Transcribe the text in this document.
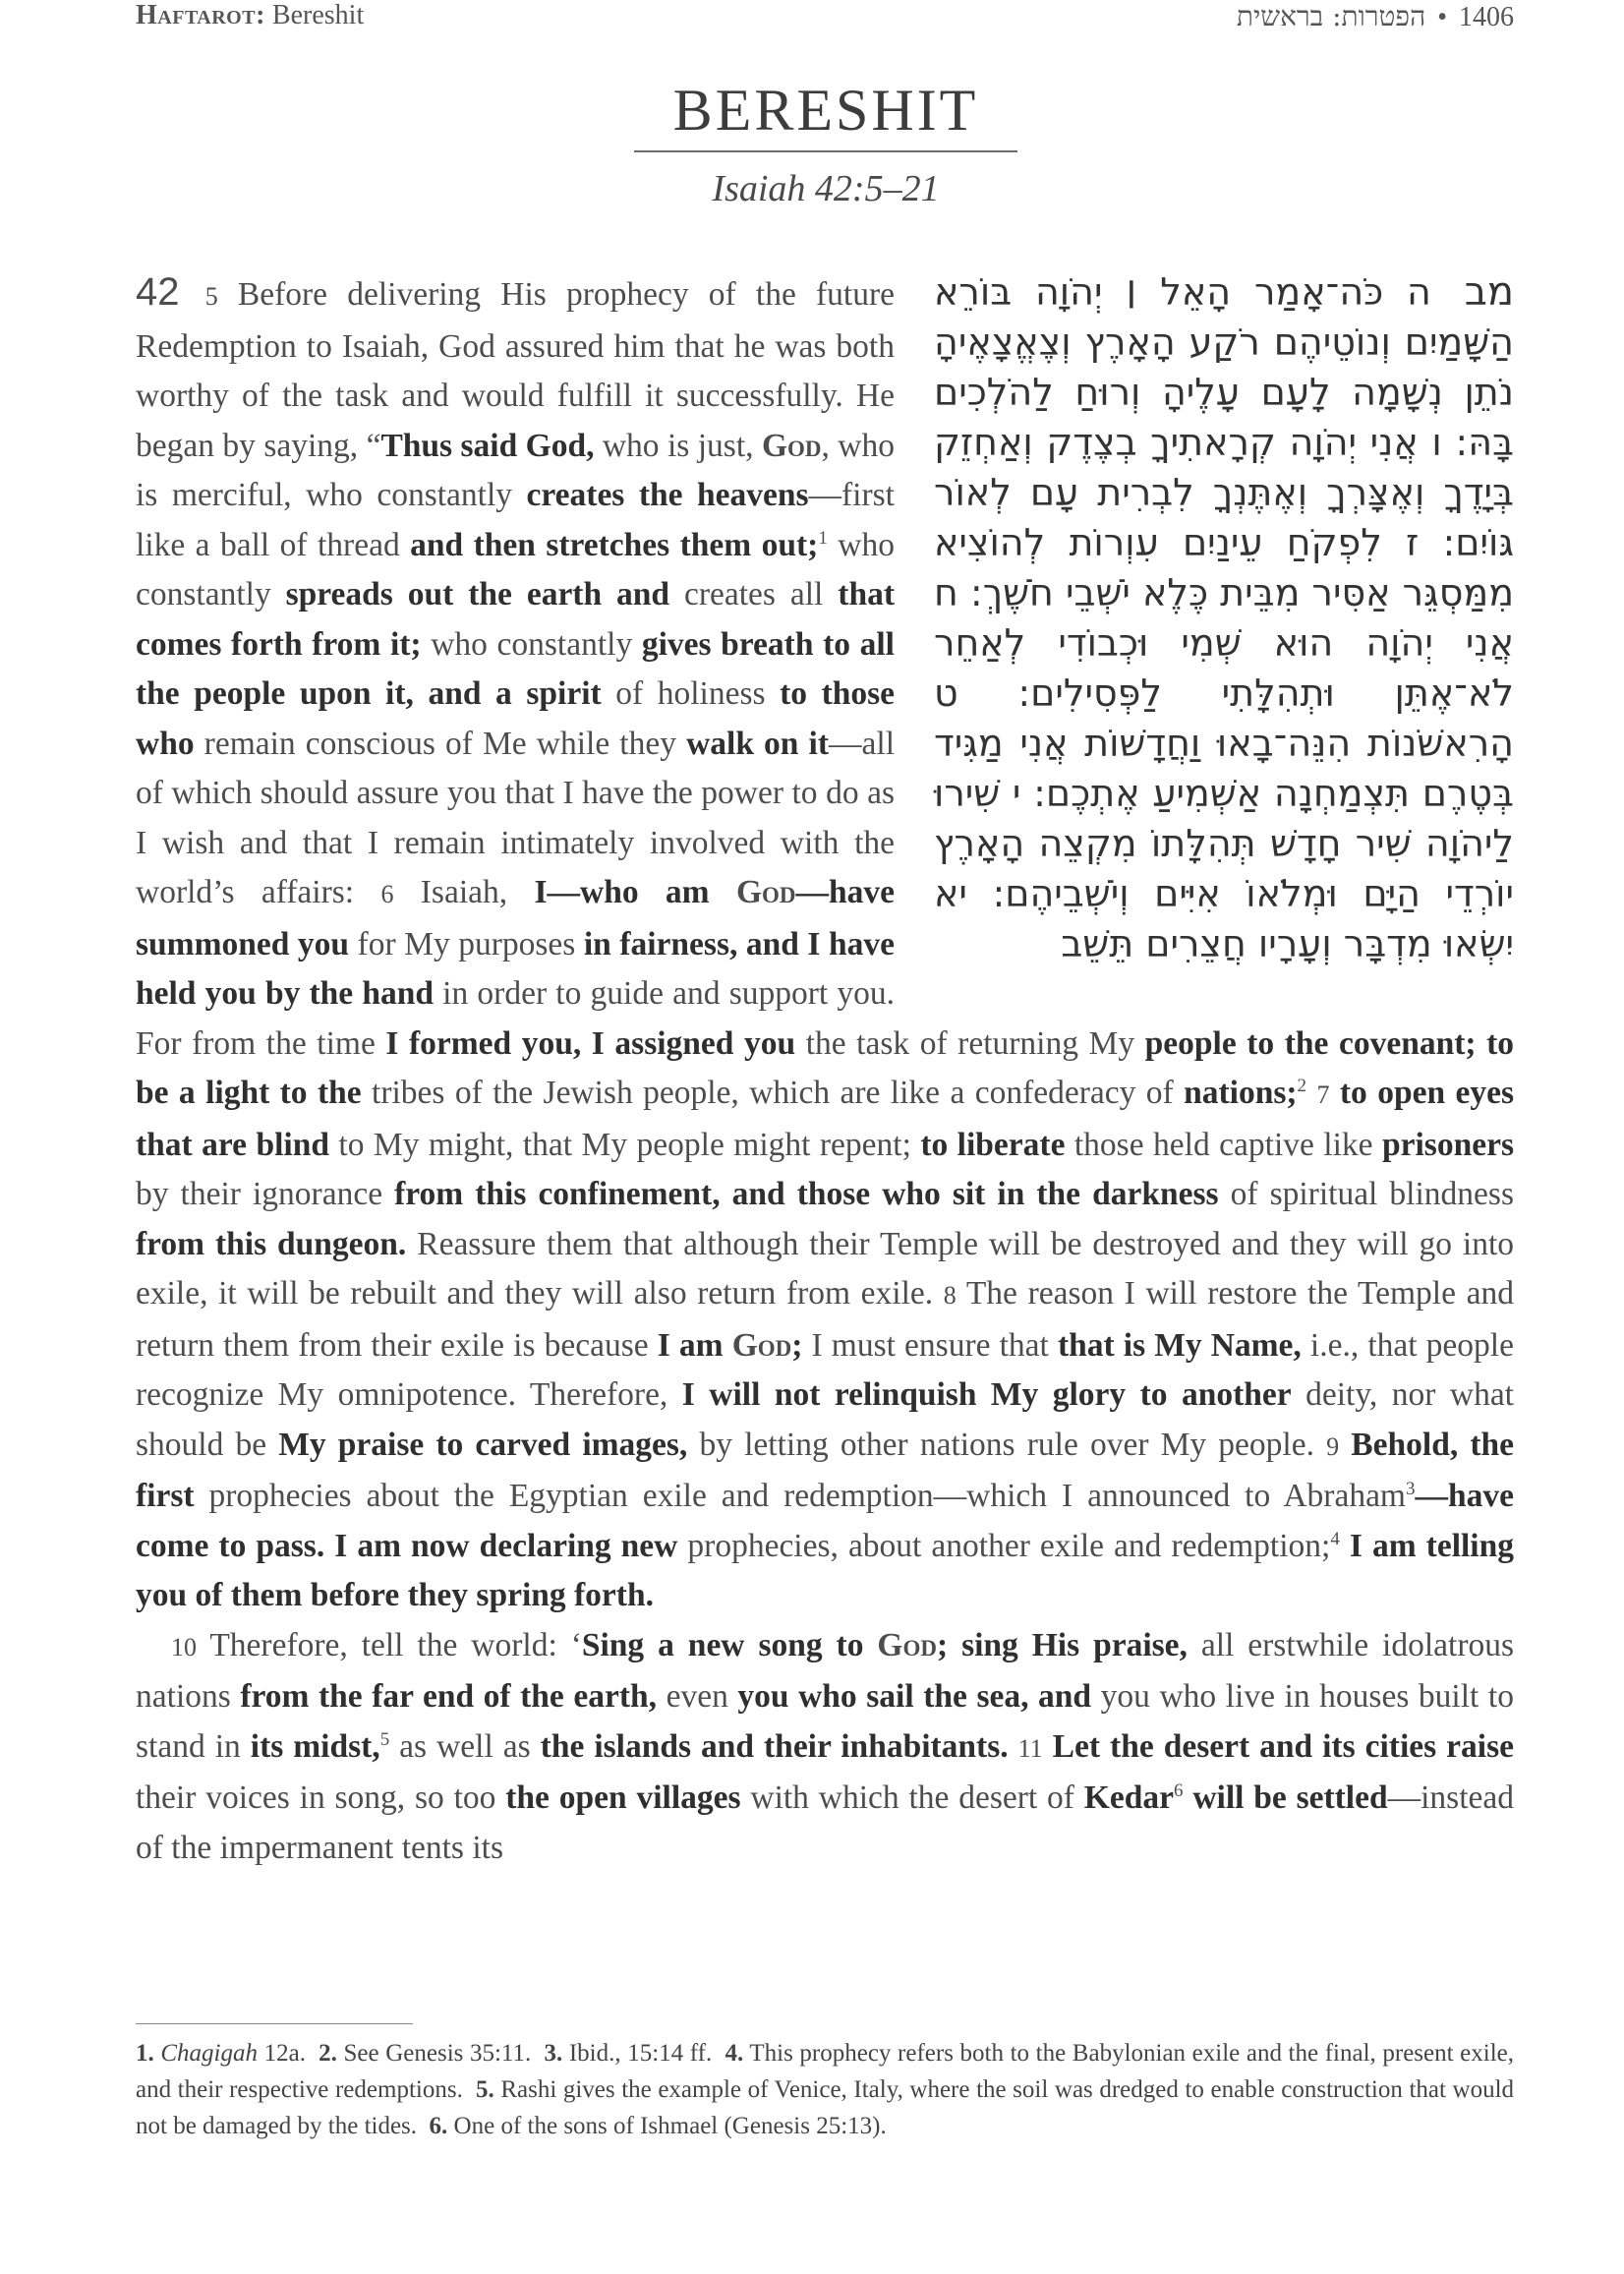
Haftarot: Bereshit	הפטרות: בראשית • 1406
BERESHIT
Isaiah 42:5–21
מב ה כֹּה־אָמַר הָאֵל ׀ יְהֹוָה בּוֹרֵא הַשָּׁמַיִם וְנוֹטֵיהֶם רֹקַע הָאָרֶץ וְצֶאֱצָאֶיהָ נֹתֵן נְשָׁמָה לָעָם עָלֶיהָ וְרוּחַ לַהֹלְכִים בָּהּ: ו אֲנִי יְהֹוָה קְרָאתִיךָ בְצֶדֶק וְאַחְזֵק בְּיָדֶךָ וְאֶצָּרְךָ וְאֶתֶּנְךָ לִבְרִית עָם לְאוֹר גּוֹיִם: ז לִפְקֹחַ עֵינַיִם עִוְרוֹת לְהוֹצִיא מִמַּסְגֵּר אַסִּיר מִבֵּית כֶּלֶא יֹשְׁבֵי חֹשֶׁךְ: ח אֲנִי יְהֹוָה הוּא שְׁמִי וּכְבוֹדִי לְאַחֵר לֹא־אֶתֵּן וּתְהִלָּתִי לַפְּסִילִים: ט הָרִאשֹׁנוֹת הִנֵּה־בָאוּ וַחֲדָשׁוֹת אֲנִי מַגִּיד בְּטֶרֶם תִּצְמַחְנָה אַשְׁמִיעַ אֶתְכֶם: י שִׁירוּ לַיהֹוָה שִׁיר חָדָשׁ תְּהִלָּתוֹ מִקְצֵה הָאָרֶץ יוֹרְדֵי הַיָּם וּמְלֹאוֹ אִיִּים וְיֹשְׁבֵיהֶם: יא יִשְׂאוּ מִדְבָּר וְעָרָיו חֲצֵרִים תֵּשֵׁב

42 5 Before delivering His prophecy of the future Redemption to Isaiah, God assured him that he was both worthy of the task and would fulfill it successfully. He began by saying, “Thus said God, who is just, God, who is merciful, who constantly creates the heavens—first like a ball of thread and then stretches them out;$^1$ who constantly spreads out the earth and creates all that comes forth from it; who constantly gives breath to all the people upon it, and a spirit of holiness to those who remain conscious of Me while they walk on it—all of which should assure you that I have the power to do as I wish and that I remain intimately involved with the world’s affairs: 6 Isaiah, I—who am God—have summoned you for My purposes in fairness, and I have held you by the hand in order to guide and support you. For from the time I formed you, I assigned you the task of returning My people to the covenant; to be a light to the tribes of the Jewish people, which are like a confederacy of nations;$^2$ 7 to open eyes that are blind to My might, that My people might repent; to liberate those held captive like prisoners by their ignorance from this confinement, and those who sit in the darkness of spiritual blindness from this dungeon. Reassure them that although their Temple will be destroyed and they will go into exile, it will be rebuilt and they will also return from exile. 8 The reason I will restore the Temple and return them from their exile is because I am God; I must ensure that that is My Name, i.e., that people recognize My omnipotence. Therefore, I will not relinquish My glory to another deity, nor what should be My praise to carved images, by letting other nations rule over My people. 9 Behold, the first prophecies about the Egyptian exile and redemption—which I announced to Abraham$^3$—have come to pass. I am now declaring new prophecies, about another exile and redemption;$^4$ I am telling you of them before they spring forth.

10 Therefore, tell the world: ‘Sing a new song to God; sing His praise, all erstwhile idolatrous nations from the far end of the earth, even you who sail the sea, and you who live in houses built to stand in its midst,$^5$ as well as the islands and their inhabitants. 11 Let the desert and its cities raise their voices in song, so too the open villages with which the desert of Kedar$^6$ will be settled—instead of the impermanent tents its

1. Chagigah 12a. 2. See Genesis 35:11. 3. Ibid., 15:14 ff. 4. This prophecy refers both to the Babylonian exile and the final, present exile, and their respective redemptions. 5. Rashi gives the example of Venice, Italy, where the soil was dredged to enable construction that would not be damaged by the tides. 6. One of the sons of Ishmael (Genesis 25:13).
